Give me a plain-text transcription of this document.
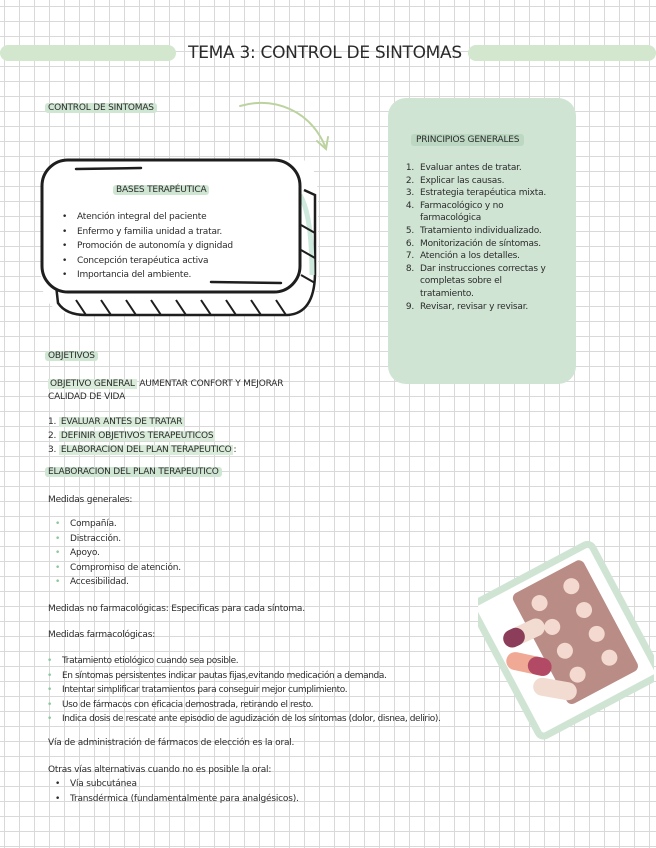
TEMA 3: CONTROL DE SINTOMAS
CONTROL DE SINTOMAS
BASES TERAPÉUTICA
• Atención integral del paciente
• Enfermo y familia unidad a tratar.
• Promoción de autonomía y dignidad
• Concepción terapéutica activa
• Importancia del ambiente.
PRINCIPIOS GENERALES
1. Evaluar antes de tratar.
2. Explicar las causas.
3. Estrategia terapéutica mixta.
4. Farmacológico y no farmacológica
5. Tratamiento individualizado.
6. Monitorización de síntomas.
7. Atención a los detalles.
8. Dar instrucciones correctas y completas sobre el tratamiento.
9. Revisar, revisar y revisar.
OBJETIVOS
OBJETIVO GENERAL AUMENTAR CONFORT Y MEJORAR
CALIDAD DE VIDA
1. EVALUAR ANTES DE TRATAR
2. DEFINIR OBJETIVOS TERAPEUTICOS
3. ELABORACION DEL PLAN TERAPEUTICO :
ELABORACION DEL PLAN TERAPEUTICO
Medidas generales:
• Compañía.
• Distracción.
• Apoyo.
• Compromiso de atención.
• Accesibilidad.
Medidas no farmacológicas: Especificas para cada síntoma.
Medidas farmacológicas:
• Tratamiento etiológico cuando sea posible.
• En síntomas persistentes indicar pautas fijas,evitando medicación a demanda.
• Intentar simplificar tratamientos para conseguir mejor cumplimiento.
• Uso de fármacos con eficacia demostrada, retirando el resto.
• Indica dosis de rescate ante episodio de agudización de los síntomas (dolor, disnea, delirio).
Vía de administración de fármacos de elección es la oral.
Otras vías alternativas cuando no es posible la oral:
• Vía subcutánea
• Transdérmica (fundamentalmente para analgésicos).
